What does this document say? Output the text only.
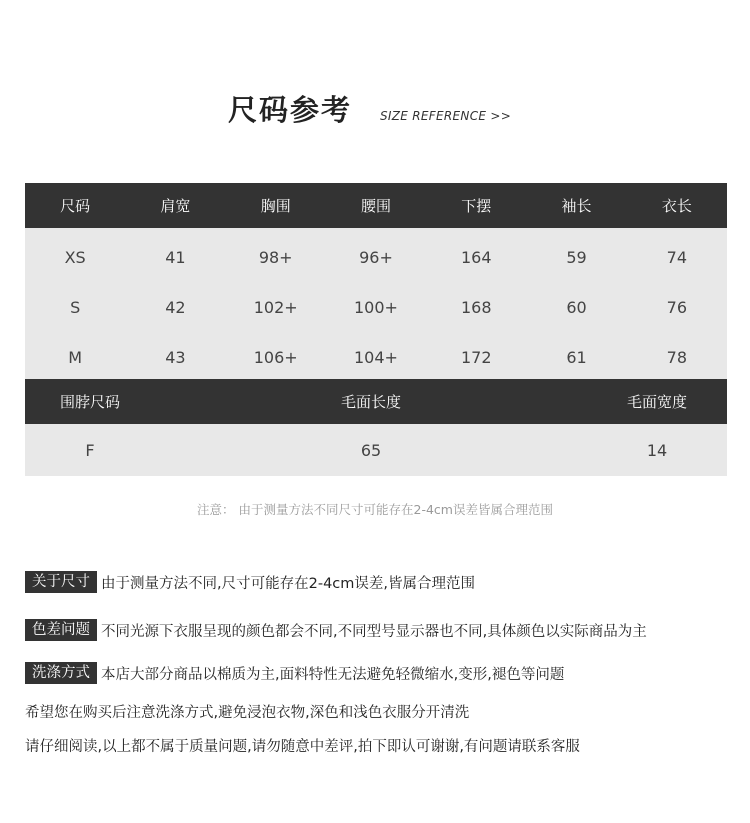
尺码参考 SIZE REFERENCE >>
尺码	肩宽	胸围	腰围	下摆	袖长	衣长
XS	41	98+	96+	164	59	74
S	42	102+	100+	168	60	76
M	43	106+	104+	172	61	78
围脖尺码	毛面长度	毛面宽度
F	65	14
注意： 由于测量方法不同尺寸可能存在2-4cm误差皆属合理范围
关于尺寸 由于测量方法不同,尺寸可能存在2-4cm误差,皆属合理范围
色差问题 不同光源下衣服呈现的颜色都会不同,不同型号显示器也不同,具体颜色以实际商品为主
洗涤方式 本店大部分商品以棉质为主,面料特性无法避免轻微缩水,变形,褪色等问题
希望您在购买后注意洗涤方式,避免浸泡衣物,深色和浅色衣服分开清洗
请仔细阅读,以上都不属于质量问题,请勿随意中差评,拍下即认可谢谢,有问题请联系客服
